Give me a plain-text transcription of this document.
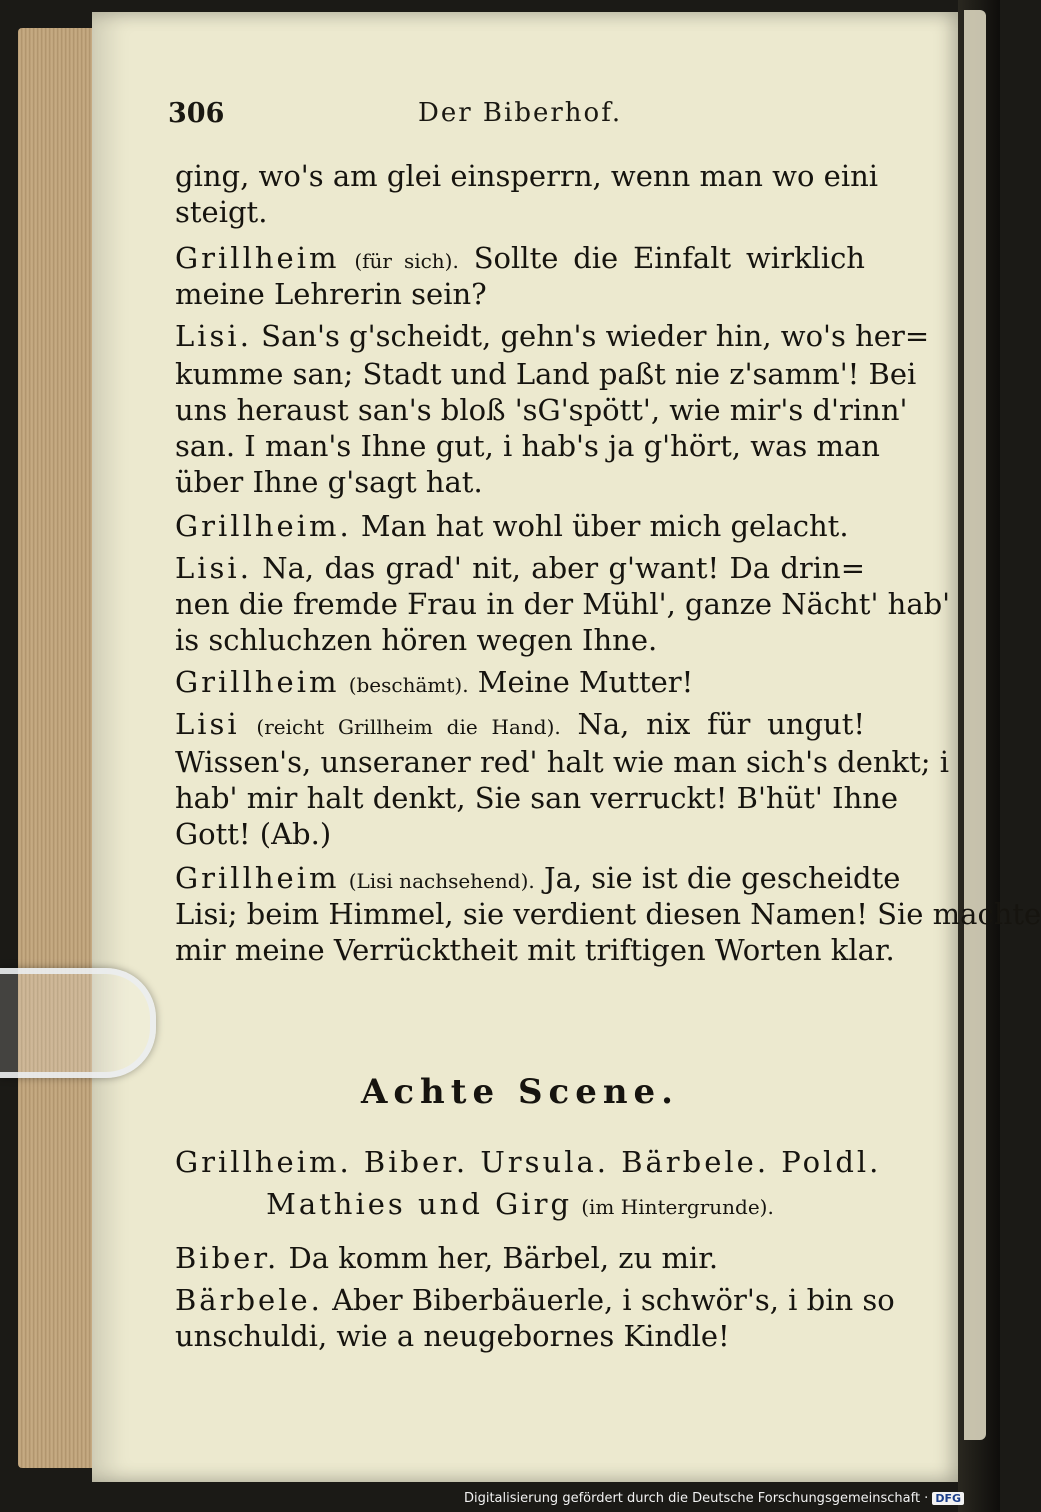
306	Der Biberhof.
ging, wo's am glei einsperrn, wenn man wo eini
steigt.
Grillheim (für sich). Sollte die Einfalt wirklich
meine Lehrerin sein?
Lisi. San's g'scheidt, gehn's wieder hin, wo's her=
kumme san; Stadt und Land paßt nie z'samm'! Bei
uns heraust san's bloß 'sG'spött', wie mir's d'rinn'
san. I man's Ihne gut, i hab's ja g'hört, was man
über Ihne g'sagt hat.
Grillheim. Man hat wohl über mich gelacht.
Lisi. Na, das grad' nit, aber g'want! Da drin=
nen die fremde Frau in der Mühl', ganze Nächt' hab'
is schluchzen hören wegen Ihne.
Grillheim (beschämt). Meine Mutter!
Lisi (reicht Grillheim die Hand). Na, nix für ungut!
Wissen's, unseraner red' halt wie man sich's denkt; i
hab' mir halt denkt, Sie san verruckt! B'hüt' Ihne
Gott! (Ab.)
Grillheim (Lisi nachsehend). Ja, sie ist die gescheidte
Lisi; beim Himmel, sie verdient diesen Namen! Sie machte
mir meine Verrücktheit mit triftigen Worten klar.
Achte Scene.
Grillheim. Biber. Ursula. Bärbele. Poldl.
Mathies und Girg (im Hintergrunde).
Biber. Da komm her, Bärbel, zu mir.
Bärbele. Aber Biberbäuerle, i schwör's, i bin so
unschuldi, wie a neugebornes Kindle!
Digitalisierung gefördert durch die Deutsche Forschungsgemeinschaft · DFG
